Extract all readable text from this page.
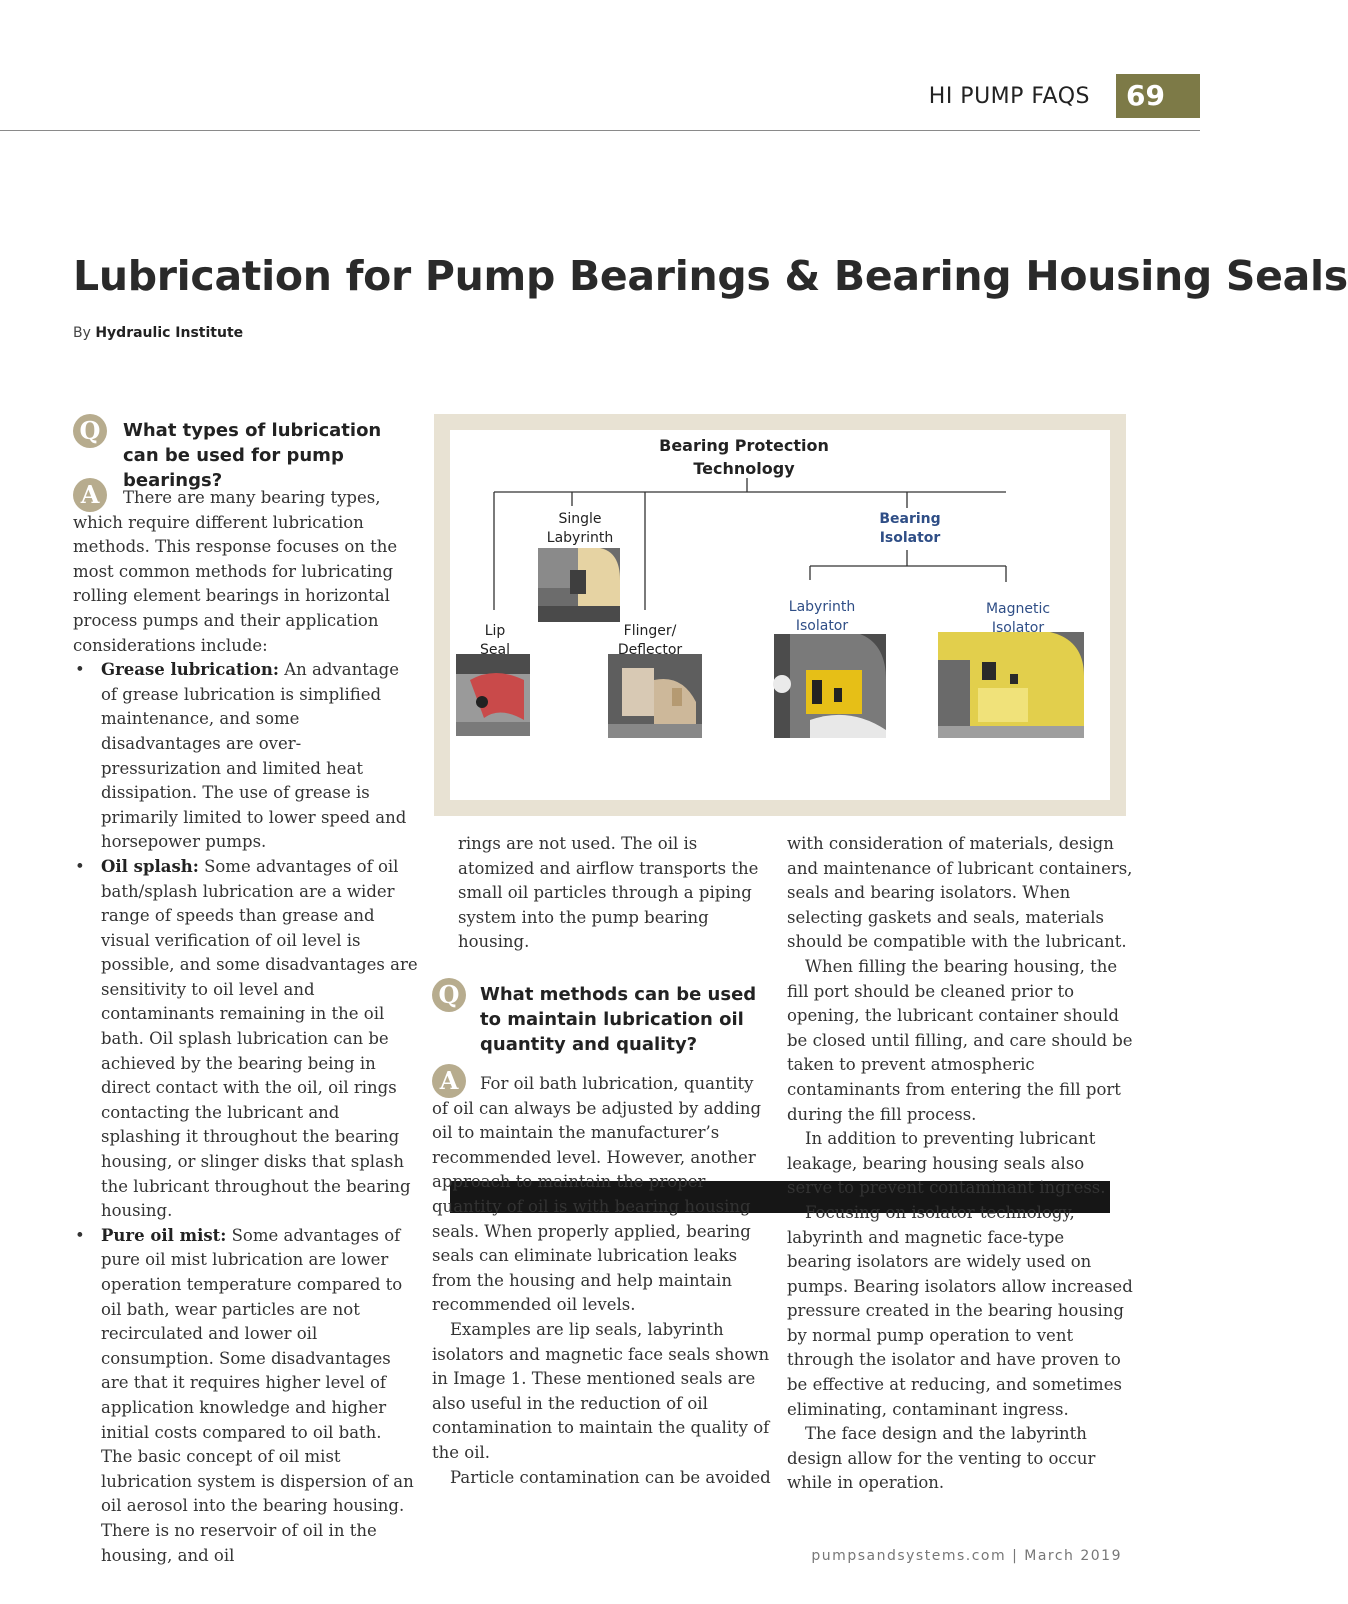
HI PUMP FAQS 69
Lubrication for Pump Bearings & Bearing Housing Seals
By Hydraulic Institute
Q	What types of lubrication can be used for pump bearings?
A	There are many bearing types, which require different lubrication methods. This response focuses on the most common methods for lubricating rolling element bearings in horizontal process pumps and their application considerations include:

• Grease lubrication: An advantage of grease lubrication is simplified maintenance, and some disadvantages are over-pressurization and limited heat dissipation. The use of grease is primarily limited to lower speed and horsepower pumps.
• Oil splash: Some advantages of oil bath/splash lubrication are a wider range of speeds than grease and visual verification of oil level is possible, and some disadvantages are sensitivity to oil level and contaminants remaining in the oil bath. Oil splash lubrication can be achieved by the bearing being in direct contact with the oil, oil rings contacting the lubricant and splashing it throughout the bearing housing, or slinger disks that splash the lubricant throughout the bearing housing.
• Pure oil mist: Some advantages of pure oil mist lubrication are lower operation temperature compared to oil bath, wear particles are not recirculated and lower oil consumption. Some disadvantages are that it requires higher level of application knowledge and higher initial costs compared to oil bath. The basic concept of oil mist lubrication system is dispersion of an oil aerosol into the bearing housing. There is no reservoir of oil in the housing, and oil
Bearing Protection
Technology
Single
Labyrinth
Bearing
Isolator
Lip
Seal
Flinger/
Deflector
Labyrinth
Isolator
Magnetic
Isolator
Image 1. Common bearing housing seals (Images courtesy of Hydraulic Institute)

rings are not used. The oil is atomized and airflow transports the small oil particles through a piping system into the pump bearing housing.

Q	What methods can be used to maintain lubrication oil quantity and quality?
A	For oil bath lubrication, quantity of oil can always be adjusted by adding oil to maintain the manufacturer’s recommended level. However, another approach to maintain the proper quantity of oil is with bearing housing seals. When properly applied, bearing seals can eliminate lubrication leaks from the housing and help maintain recommended oil levels.

Examples are lip seals, labyrinth isolators and magnetic face seals shown in Image 1. These mentioned seals are also useful in the reduction of oil contamination to maintain the quality of the oil.

Particle contamination can be avoided

with consideration of materials, design and maintenance of lubricant containers, seals and bearing isolators. When selecting gaskets and seals, materials should be compatible with the lubricant.

When filling the bearing housing, the fill port should be cleaned prior to opening, the lubricant container should be closed until filling, and care should be taken to prevent atmospheric contaminants from entering the fill port during the fill process.

In addition to preventing lubricant leakage, bearing housing seals also serve to prevent contaminant ingress.

Focusing on isolator technology, labyrinth and magnetic face-type bearing isolators are widely used on pumps. Bearing isolators allow increased pressure created in the bearing housing by normal pump operation to vent through the isolator and have proven to be effective at reducing, and sometimes eliminating, contaminant ingress.

The face design and the labyrinth design allow for the venting to occur while in operation.

pumpsandsystems.com | March 2019
